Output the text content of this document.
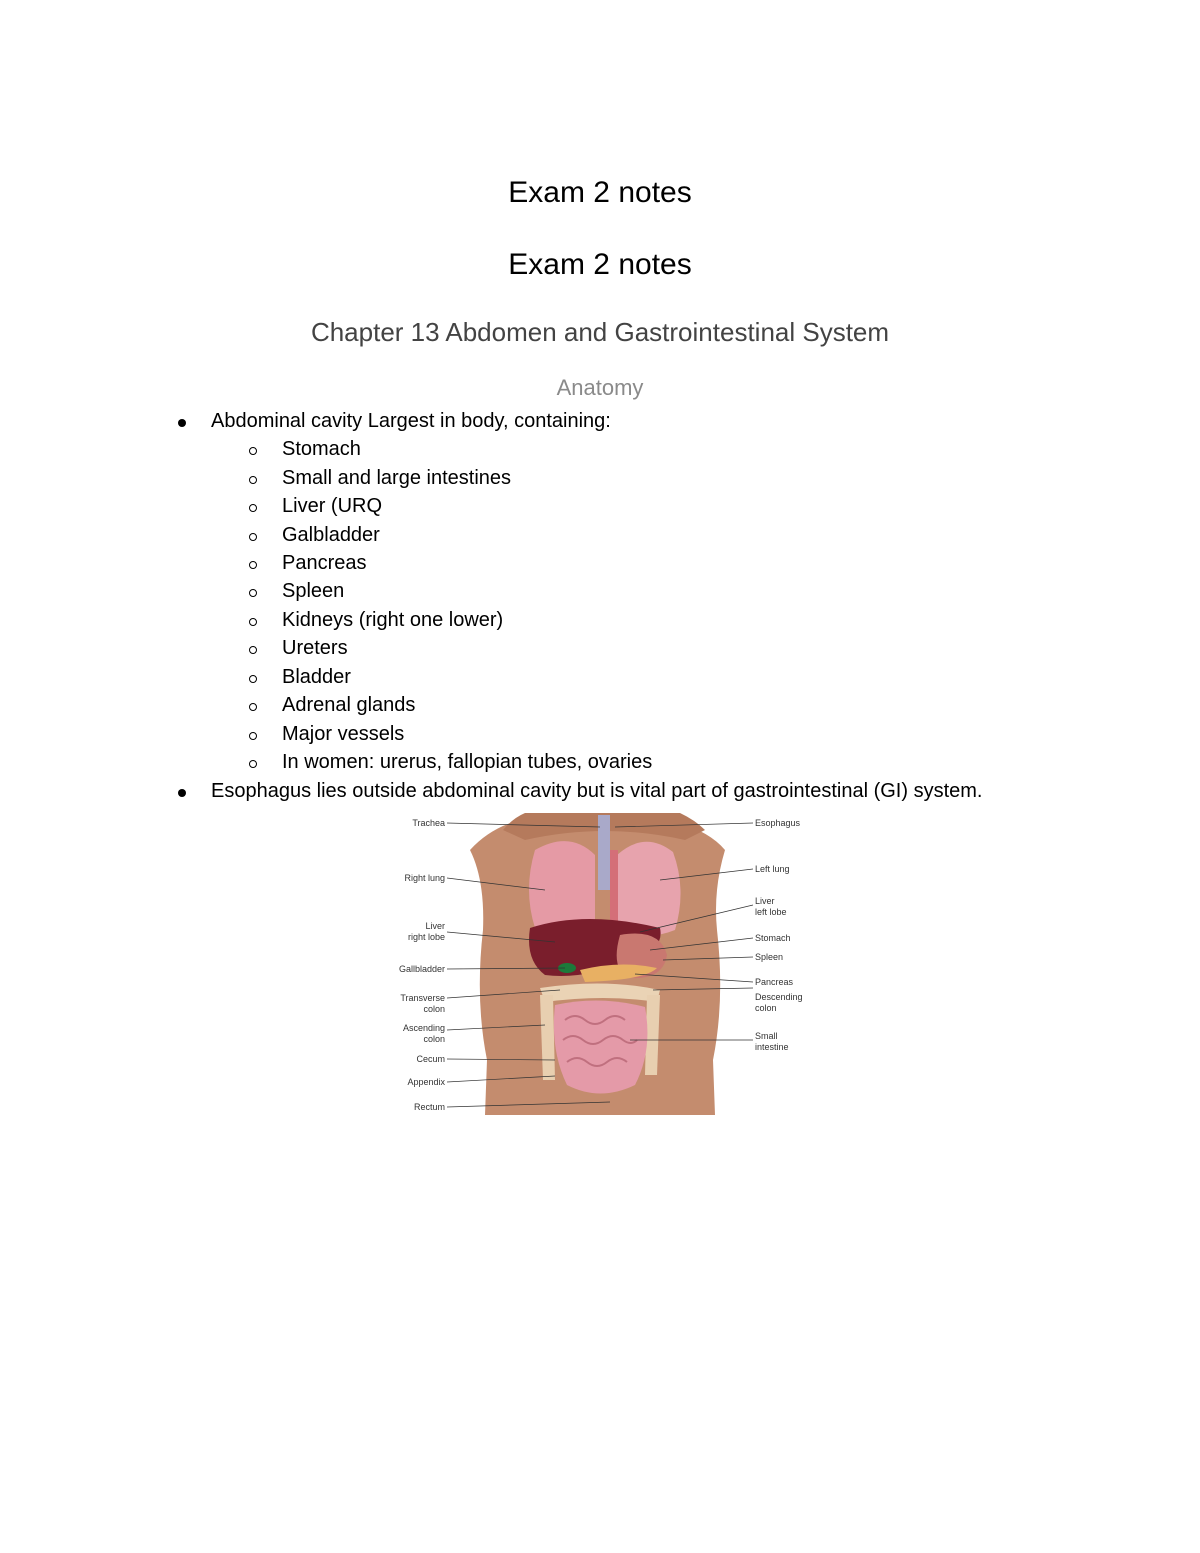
Exam 2 notes
Exam 2 notes
Chapter 13 Abdomen and Gastrointestinal System
Anatomy
Abdominal cavity Largest in body, containing:
Stomach
Small and large intestines
Liver (URQ
Galbladder
Pancreas
Spleen
Kidneys (right one lower)
Ureters
Bladder
Adrenal glands
Major vessels
In women: urerus, fallopian tubes, ovaries
Esophagus lies outside abdominal cavity but is vital part of gastrointestinal (GI) system.
Trachea
Right lung
Liver
right lobe
Gallbladder
Transverse
colon
Ascending
colon
Cecum
Appendix
Rectum
Esophagus
Left lung
Liver
left lobe
Stomach
Spleen
Pancreas
Descending
colon
Small
intestine
